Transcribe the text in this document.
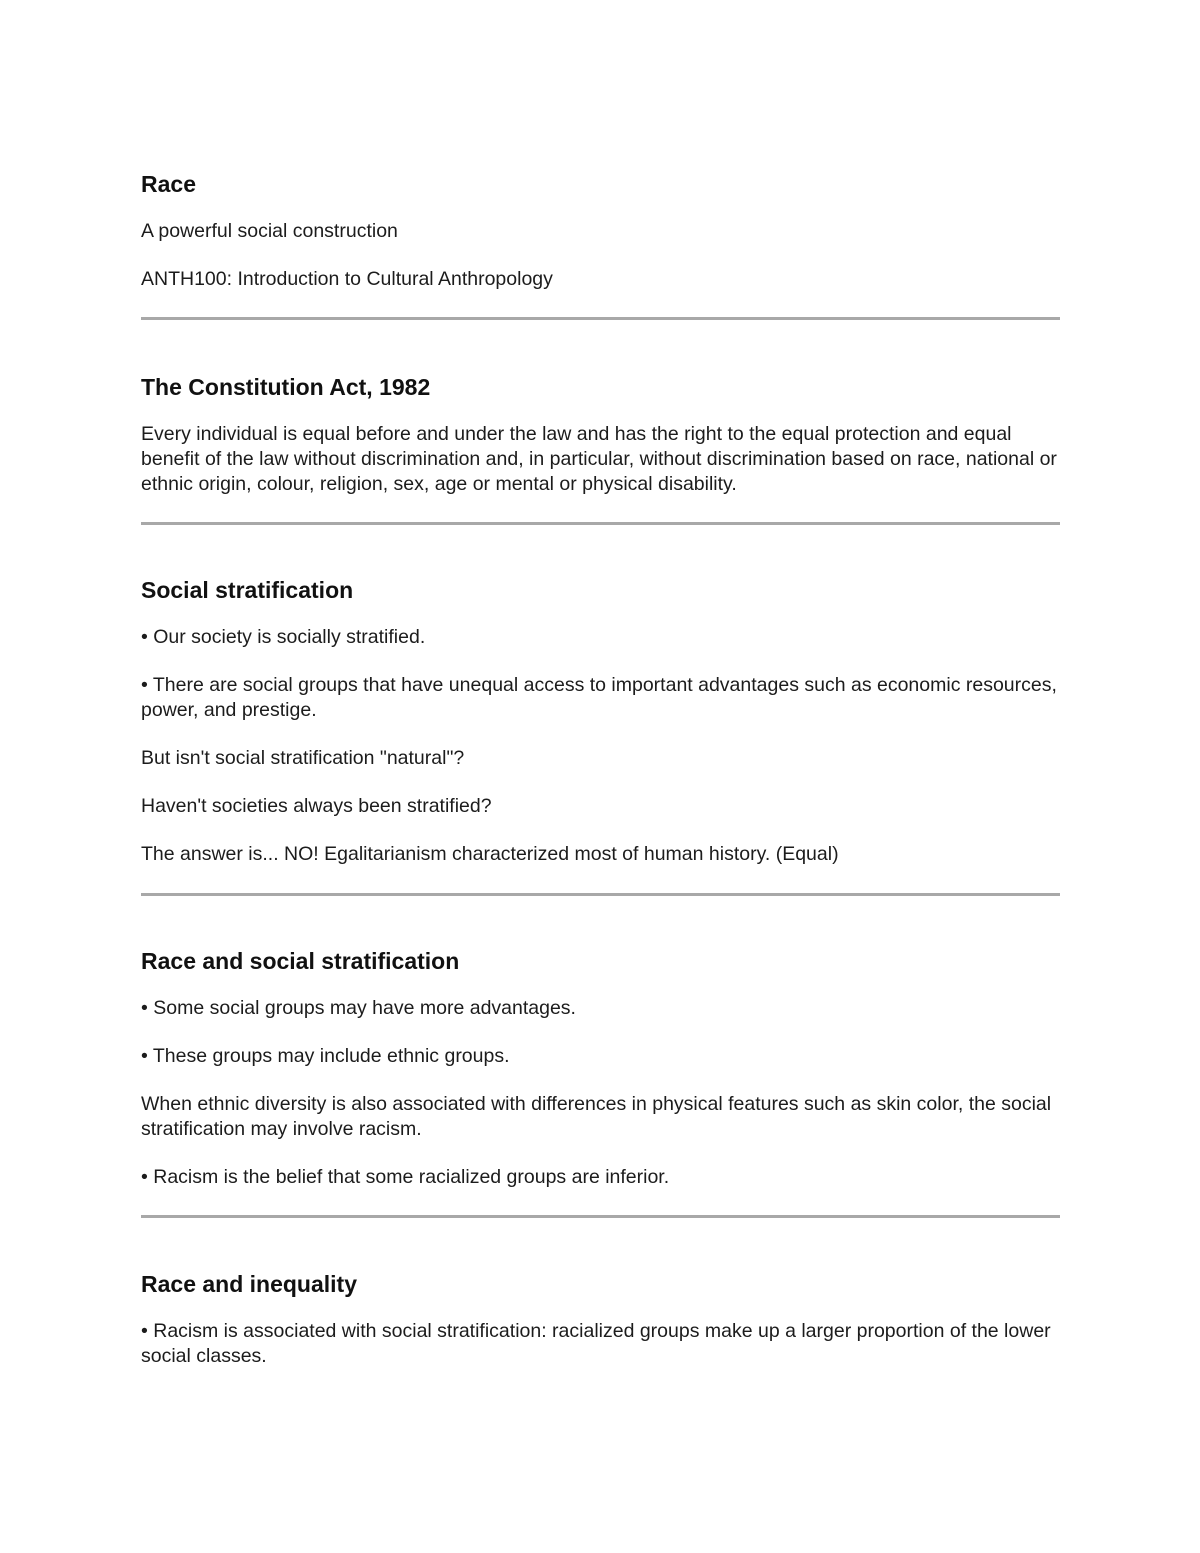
Race

A powerful social construction

ANTH100: Introduction to Cultural Anthropology

The Constitution Act, 1982

Every individual is equal before and under the law and has the right to the equal protection and equal benefit of the law without discrimination and, in particular, without discrimination based on race, national or ethnic origin, colour, religion, sex, age or mental or physical disability.

Social stratification

• Our society is socially stratified.

• There are social groups that have unequal access to important advantages such as economic resources, power, and prestige.

But isn't social stratification "natural"?

Haven't societies always been stratified?

The answer is... NO! Egalitarianism characterized most of human history. (Equal)

Race and social stratification

• Some social groups may have more advantages.

• These groups may include ethnic groups.

When ethnic diversity is also associated with differences in physical features such as skin color, the social stratification may involve racism.

• Racism is the belief that some racialized groups are inferior.

Race and inequality

• Racism is associated with social stratification: racialized groups make up a larger proportion of the lower social classes.
